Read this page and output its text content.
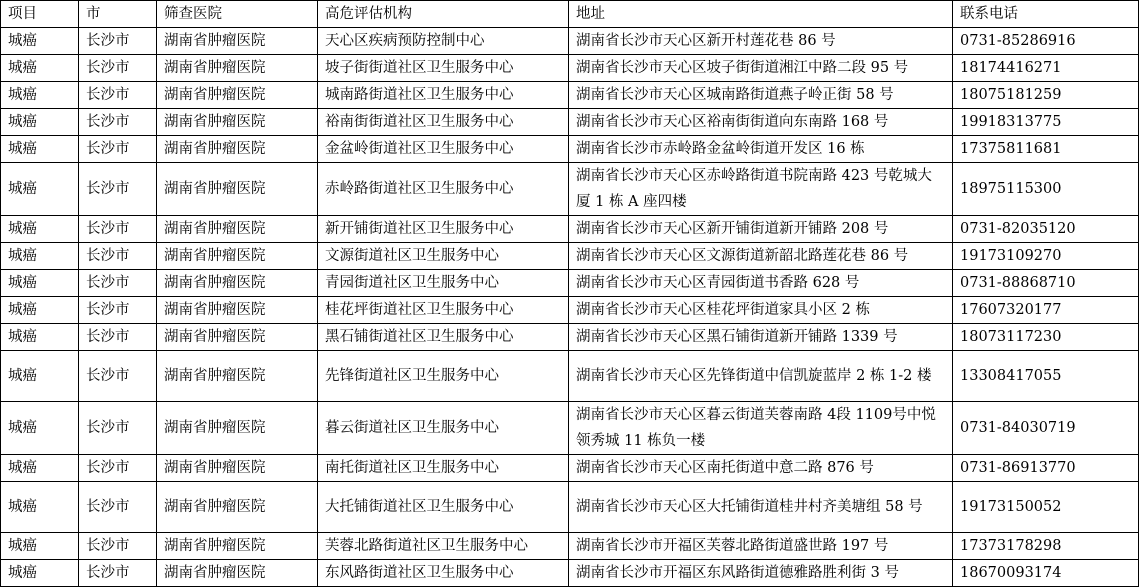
项目	市	筛查医院	高危评估机构	地址	联系电话
城癌	长沙市	湖南省肿瘤医院	天心区疾病预防控制中心	湖南省长沙市天心区新开村莲花巷 86 号	0731-85286916
城癌	长沙市	湖南省肿瘤医院	坡子街街道社区卫生服务中心	湖南省长沙市天心区坡子街街道湘江中路二段 95 号	18174416271
城癌	长沙市	湖南省肿瘤医院	城南路街道社区卫生服务中心	湖南省长沙市天心区城南路街道燕子岭正街 58 号	18075181259
城癌	长沙市	湖南省肿瘤医院	裕南街街道社区卫生服务中心	湖南省长沙市天心区裕南街街道向东南路 168 号	19918313775
城癌	长沙市	湖南省肿瘤医院	金盆岭街道社区卫生服务中心	湖南省长沙市赤岭路金盆岭街道开发区 16 栋	17375811681
城癌	长沙市	湖南省肿瘤医院	赤岭路街道社区卫生服务中心	湖南省长沙市天心区赤岭路街道书院南路 423 号乾城大厦 1 栋 A 座四楼	18975115300
城癌	长沙市	湖南省肿瘤医院	新开铺街道社区卫生服务中心	湖南省长沙市天心区新开铺街道新开铺路 208 号	0731-82035120
城癌	长沙市	湖南省肿瘤医院	文源街道社区卫生服务中心	湖南省长沙市天心区文源街道新韶北路莲花巷 86 号	19173109270
城癌	长沙市	湖南省肿瘤医院	青园街道社区卫生服务中心	湖南省长沙市天心区青园街道书香路 628 号	0731-88868710
城癌	长沙市	湖南省肿瘤医院	桂花坪街道社区卫生服务中心	湖南省长沙市天心区桂花坪街道家具小区 2 栋	17607320177
城癌	长沙市	湖南省肿瘤医院	黑石铺街道社区卫生服务中心	湖南省长沙市天心区黑石铺街道新开铺路 1339 号	18073117230
城癌	长沙市	湖南省肿瘤医院	先锋街道社区卫生服务中心	湖南省长沙市天心区先锋街道中信凯旋蓝岸 2 栋 1-2 楼	13308417055
城癌	长沙市	湖南省肿瘤医院	暮云街道社区卫生服务中心	湖南省长沙市天心区暮云街道芙蓉南路 4段 1109号中悦领秀城 11 栋负一楼	0731-84030719
城癌	长沙市	湖南省肿瘤医院	南托街道社区卫生服务中心	湖南省长沙市天心区南托街道中意二路 876 号	0731-86913770
城癌	长沙市	湖南省肿瘤医院	大托铺街道社区卫生服务中心	湖南省长沙市天心区大托铺街道桂井村齐美塘组 58 号	19173150052
城癌	长沙市	湖南省肿瘤医院	芙蓉北路街道社区卫生服务中心	湖南省长沙市开福区芙蓉北路街道盛世路 197 号	17373178298
城癌	长沙市	湖南省肿瘤医院	东风路街道社区卫生服务中心	湖南省长沙市开福区东风路街道德雅路胜利街 3 号	18670093174
